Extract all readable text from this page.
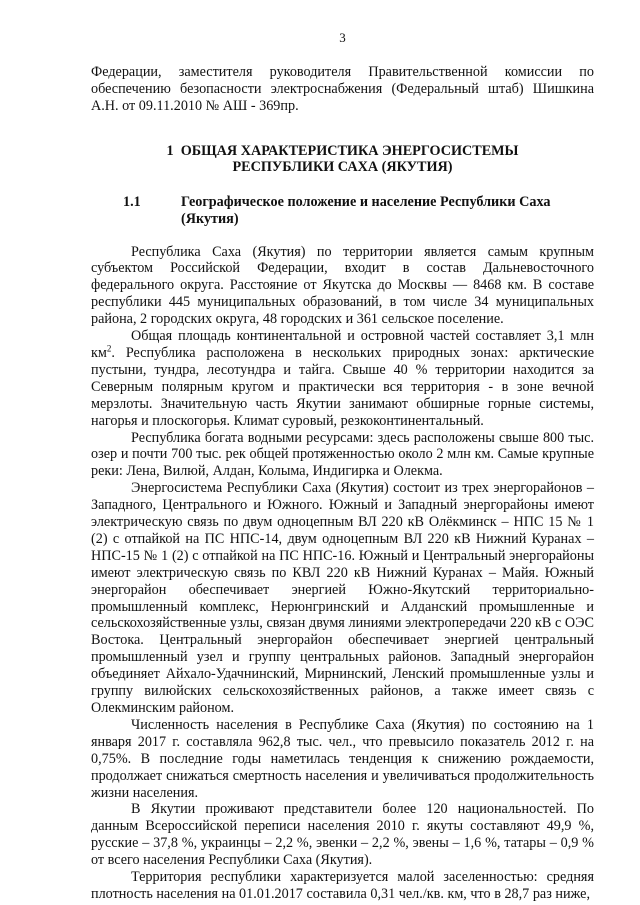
3

Федерации, заместителя руководителя Правительственной комиссии по обеспечению безопасности электроснабжения (Федеральный штаб) Шишкина А.Н. от 09.11.2010 № АШ - 369пр.

1 ОБЩАЯ ХАРАКТЕРИСТИКА ЭНЕРГОСИСТЕМЫ
РЕСПУБЛИКИ САХА (ЯКУТИЯ)
1.1	Географическое положение и население Республики Саха (Якутия)

Республика Саха (Якутия) по территории является самым крупным субъектом Российской Федерации, входит в состав Дальневосточного федерального округа. Расстояние от Якутска до Москвы — 8468 км. В составе республики 445 муниципальных образований, в том числе 34 муниципальных района, 2 городских округа, 48 городских и 361 сельское поселение.

Общая площадь континентальной и островной частей составляет 3,1 млн $км^2$. Республика расположена в нескольких природных зонах: арктические пустыни, тундра, лесотундра и тайга. Свыше 40 % территории находится за Северным полярным кругом и практически вся территория - в зоне вечной мерзлоты. Значительную часть Якутии занимают обширные горные системы, нагорья и плоскогорья. Климат суровый, резкоконтинентальный.

Республика богата водными ресурсами: здесь расположены свыше 800 тыс. озер и почти 700 тыс. рек общей протяженностью около 2 млн км. Самые крупные реки: Лена, Вилюй, Алдан, Колыма, Индигирка и Олекма.

Энергосистема Республики Саха (Якутия) состоит из трех энергорайонов – Западного, Центрального и Южного. Южный и Западный энергорайоны имеют электрическую связь по двум одноцепным ВЛ 220 кВ Олёкминск – НПС 15 № 1 (2) с отпайкой на ПС НПС-14, двум одноцепным ВЛ 220 кВ Нижний Куранах – НПС-15 № 1 (2) с отпайкой на ПС НПС-16. Южный и Центральный энергорайоны имеют электрическую связь по КВЛ 220 кВ Нижний Куранах – Майя. Южный энергорайон обеспечивает энергией Южно-Якутский территориально-промышленный комплекс, Нерюнгринский и Алданский промышленные и сельскохозяйственные узлы, связан двумя линиями электропередачи 220 кВ с ОЭС Востока. Центральный энергорайон обеспечивает энергией центральный промышленный узел и группу центральных районов. Западный энергорайон объединяет Айхало-Удачнинский, Мирнинский, Ленский промышленные узлы и группу вилюйских сельскохозяйственных районов, а также имеет связь с Олекминским районом.

Численность населения в Республике Саха (Якутия) по состоянию на 1 января 2017 г. составляла 962,8 тыс. чел., что превысило показатель 2012 г. на 0,75%. В последние годы наметилась тенденция к снижению рождаемости, продолжает снижаться смертность населения и увеличиваться продолжительность жизни населения.

В Якутии проживают представители более 120 национальностей. По данным Всероссийской переписи населения 2010 г. якуты составляют 49,9 %, русские – 37,8 %, украинцы – 2,2 %, эвенки – 2,2 %, эвены – 1,6 %, татары – 0,9 % от всего населения Республики Саха (Якутия).

Территория республики характеризуется малой заселенностью: средняя плотность населения на 01.01.2017 составила 0,31 чел./кв. км, что в 28,7 раз ниже,
